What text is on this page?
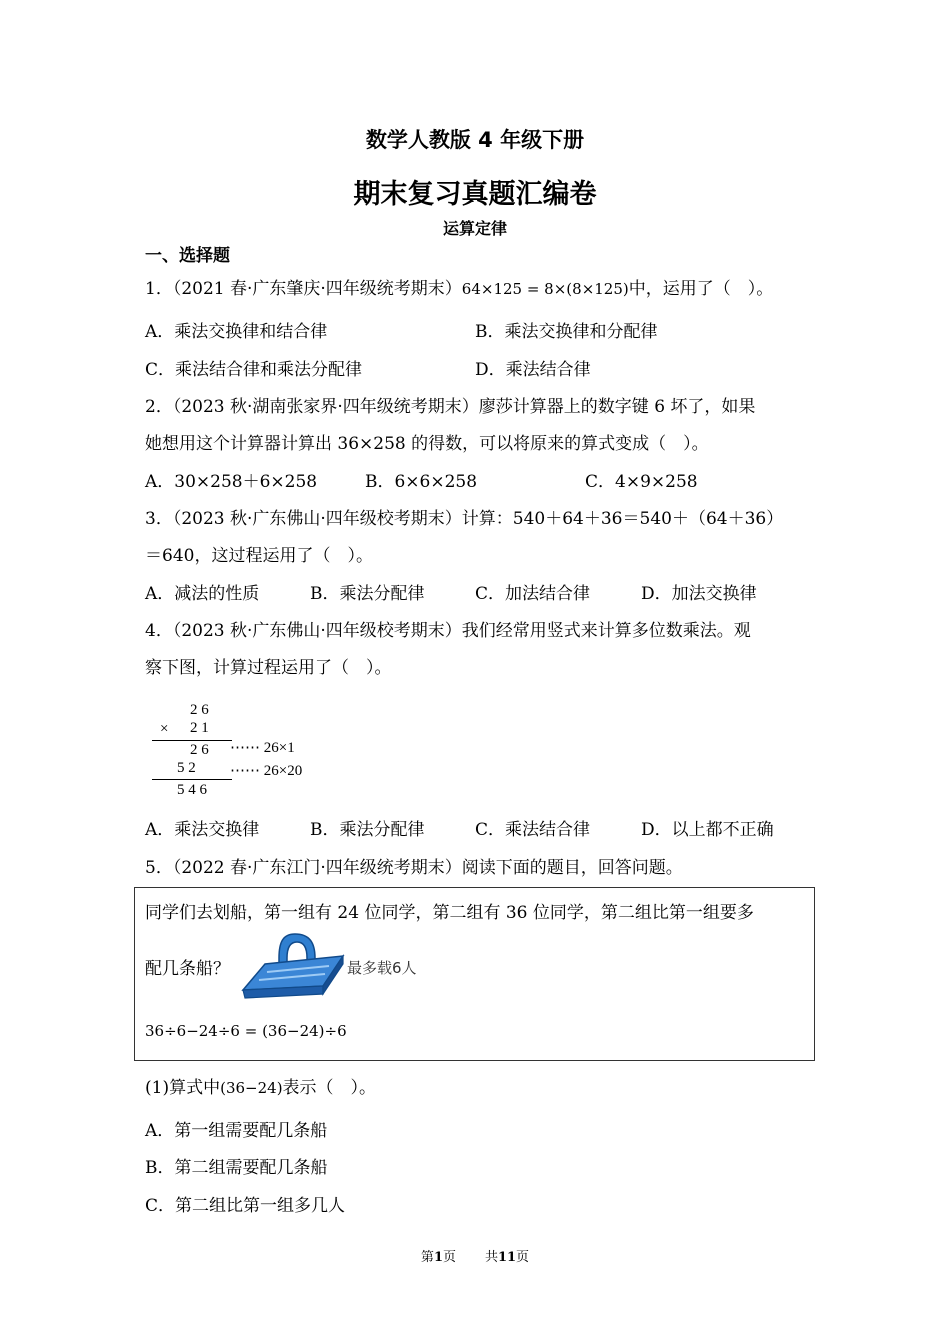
数学人教版 4 年级下册
期末复习真题汇编卷
运算定律
一、选择题
1．（2021 春·广东肇庆·四年级统考期末）64×125 = 8×(8×125)中，运用了（　）。
A．乘法交换律和结合律	B．乘法交换律和分配律
C．乘法结合律和乘法分配律	D．乘法结合律
2．（2023 秋·湖南张家界·四年级统考期末）廖莎计算器上的数字键 6 坏了，如果
她想用这个计算器计算出 36×258 的得数，可以将原来的算式变成（　）。
A．30×258＋6×258	B．6×6×258	C．4×9×258
3．（2023 秋·广东佛山·四年级校考期末）计算：540＋64＋36＝540＋（64＋36）
＝640，这过程运用了（　）。
A．减法的性质	B．乘法分配律	C．加法结合律	D．加法交换律
4．（2023 秋·广东佛山·四年级校考期末）我们经常用竖式来计算多位数乘法。观
察下图，计算过程运用了（　）。
2 6
× 2 1
2 6 ⋯⋯ 26×1
5 2 ⋯⋯ 26×20
5 4 6
A．乘法交换律	B．乘法分配律	C．乘法结合律	D．以上都不正确
5．（2022 春·广东江门·四年级统考期末）阅读下面的题目，回答问题。
同学们去划船，第一组有 24 位同学，第二组有 36 位同学，第二组比第一组要多
配几条船？	最多载6人
36÷6−24÷6 = (36−24)÷6
(1)算式中(36−24)表示（　）。
A．第一组需要配几条船
B．第二组需要配几条船
C．第二组比第一组多几人
第1页 共11页
